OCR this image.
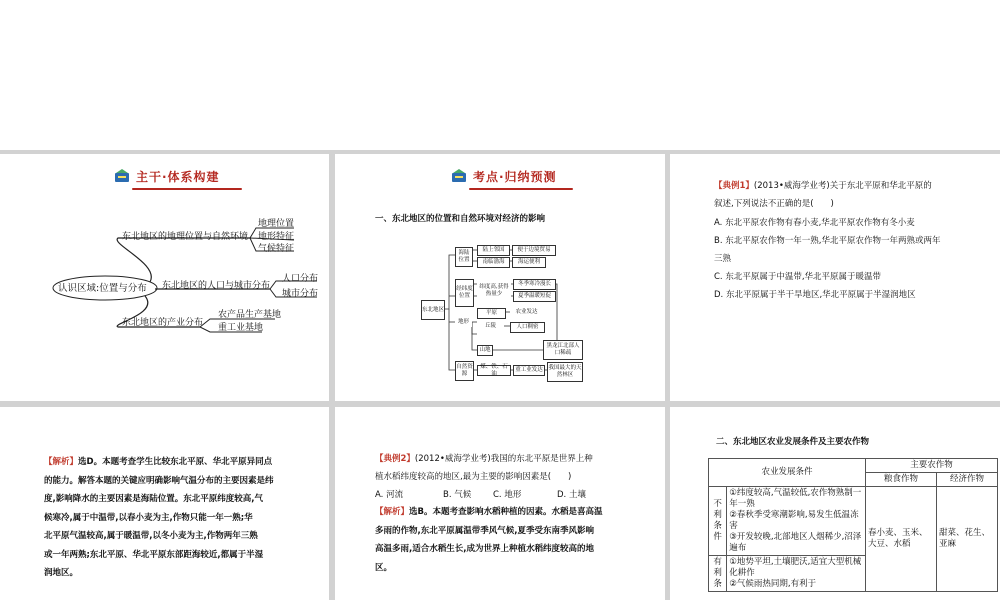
主干·体系构建
认识区域:位置与分布
东北地区的地理位置与自然环境
地理位置
地形特征
气候特征
东北地区的人口与城市分布
人口分布
城市分布
东北地区的产业分布
农产品生产基地
重工业基地
考点·归纳预测
一、东北地区的位置和自然环境对经济的影响
东北地区
海陆位置
经纬度位置
地形
自然资源
陆上邻国
南临渤海
纬度高,获得热量少
平原
丘陵
山地
煤、铁、石油
便于边境贸易
海运便利
冬季寒冷漫长
夏季温暖短促
农业发达
人口稠密
重工业发达
黑龙江北部人口稀疏
我国最大的天然林区
【典例1】(2013•威海学业考)关于东北平原和华北平原的
叙述,下列说法不正确的是(　　)
A. 东北平原农作物有春小麦,华北平原农作物有冬小麦
B. 东北平原农作物一年一熟,华北平原农作物一年两熟或两年
三熟
C. 东北平原属于中温带,华北平原属于暖温带
D. 东北平原属于半干旱地区,华北平原属于半湿润地区
【解析】选D。本题考查学生比较东北平原、华北平原异同点
的能力。解答本题的关键应明确影响气温分布的主要因素是纬
度,影响降水的主要因素是海陆位置。东北平原纬度较高,气
候寒冷,属于中温带,以春小麦为主,作物只能一年一熟;华
北平原气温较高,属于暖温带,以冬小麦为主,作物两年三熟
或一年两熟;东北平原、华北平原东部距海较近,都属于半湿
润地区。
【典例2】(2012•威海学业考)我国的东北平原是世界上种
植水稻纬度较高的地区,最为主要的影响因素是(　　)
A. 河流	B. 气候	C. 地形	D. 土壤
【解析】选B。本题考查影响水稻种植的因素。水稻是喜高温
多雨的作物,东北平原属温带季风气候,夏季受东南季风影响
高温多雨,适合水稻生长,成为世界上种植水稻纬度较高的地
区。
二、东北地区农业发展条件及主要农作物
农业发展条件		主要农作物	
		粮食作物	经济作物
不利条件	①纬度较高,气温较低,农作物熟制一年一熟
②春秋季受寒潮影响,易发生低温冻害
③开发较晚,北部地区人烟稀少,沼泽遍布	春小麦、玉米、大豆、水稻	甜菜、花生、亚麻
有利条	①地势平坦,土壤肥沃,适宜大型机械化耕作
②气候雨热同期,有利于		
